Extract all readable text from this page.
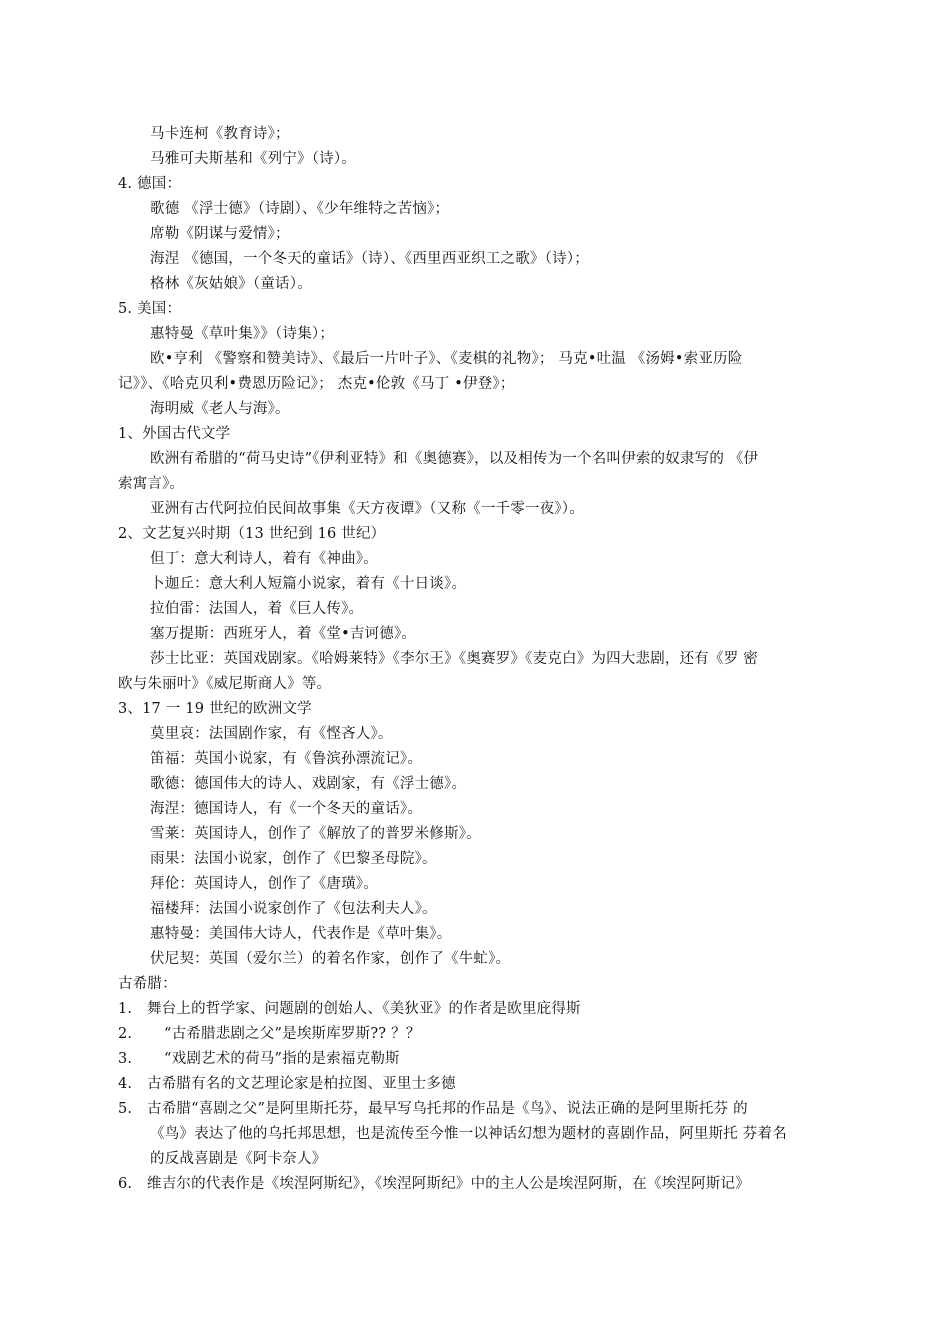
马卡连柯《教育诗》；
马雅可夫斯基和《列宁》（诗）。
4. 德国：
歌德 《浮士德》（诗剧）、《少年维特之苦恼》；
席勒《阴谋与爱情》；
海涅 《德国，一个冬天的童话》（诗）、《西里西亚织工之歌》（诗）；
格林《灰姑娘》（童话）。
5. 美国：
惠特曼《草叶集》》（诗集）；
欧•亨利 《警察和赞美诗》、《最后一片叶子》、《麦棋的礼物》； 马克•吐温 《汤姆•索亚历险
记》》、《哈克贝利•费恩历险记》； 杰克•伦敦《马丁 •伊登》；
海明威《老人与海》。
1、外国古代文学
欧洲有希腊的“荷马史诗”《伊利亚特》和《奥德赛》，以及相传为一个名叫伊索的奴隶写的 《伊
索寓言》。
亚洲有古代阿拉伯民间故事集《天方夜谭》（又称《一千零一夜》）。
2、文艺复兴时期（13 世纪到 16 世纪）
但丁：意大利诗人，着有《神曲》。
卜迦丘：意大利人短篇小说家，着有《十日谈》。
拉伯雷：法国人，着《巨人传》。
塞万提斯：西班牙人，着《堂•吉诃德》。
莎士比亚：英国戏剧家。《哈姆莱特》《李尔王》《奥赛罗》《麦克白》为四大悲剧，还有《罗 密
欧与朱丽叶》《威尼斯商人》等。
3、17 一 19 世纪的欧洲文学
莫里哀：法国剧作家，有《悭吝人》。
笛福：英国小说家，有《鲁滨孙漂流记》。
歌德：德国伟大的诗人、戏剧家，有《浮士德》。
海涅：德国诗人，有《一个冬天的童话》。
雪莱：英国诗人，创作了《解放了的普罗米修斯》。
雨果：法国小说家，创作了《巴黎圣母院》。
拜伦：英国诗人，创作了《唐璜》。
福楼拜：法国小说家创作了《包法利夫人》。
惠特曼：美国伟大诗人，代表作是《草叶集》。
伏尼契：英国（爱尔兰）的着名作家，创作了《牛虻》。
古希腊：
1. 舞台上的哲学家、问题剧的创始人、《美狄亚》的作者是欧里庇得斯
2. “古希腊悲剧之父”是埃斯库罗斯?? ？？
3. “戏剧艺术的荷马”指的是索福克勒斯
4. 古希腊有名的文艺理论家是柏拉图、亚里士多德
5. 古希腊“喜剧之父”是阿里斯托芬，最早写乌托邦的作品是《鸟》、说法正确的是阿里斯托芬 的
《鸟》表达了他的乌托邦思想，也是流传至今惟一以神话幻想为题材的喜剧作品，阿里斯托 芬着名
的反战喜剧是《阿卡奈人》
6. 维吉尔的代表作是《埃涅阿斯纪》，《埃涅阿斯纪》中的主人公是埃涅阿斯，在《埃涅阿斯记》
